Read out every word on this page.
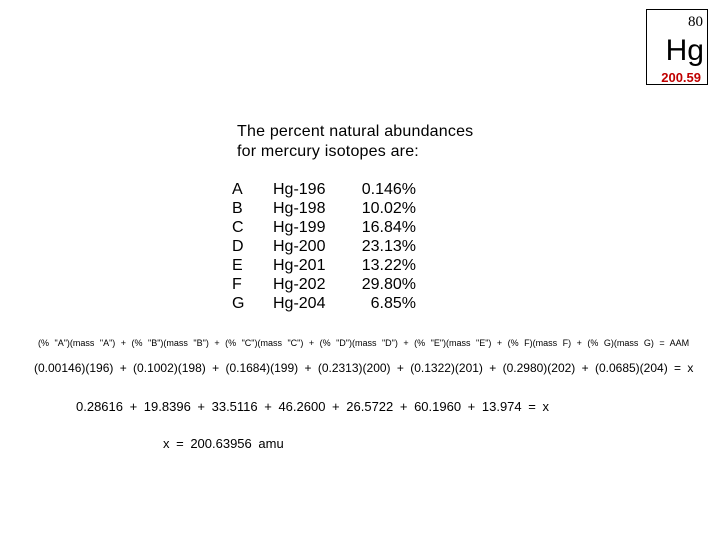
80
Hg
200.59
The percent natural abundances
for mercury isotopes are:
A
B
C
D
E
F
G
Hg-196
Hg-198
Hg-199
Hg-200
Hg-201
Hg-202
Hg-204
0.146%
10.02%
16.84%
23.13%
13.22%
29.80%
6.85%
(% "A")(mass "A") + (% "B")(mass "B") + (% "C")(mass "C") + (% "D")(mass "D") + (% "E")(mass "E") + (% F)(mass F) + (% G)(mass G) = AAM
(0.00146)(196) + (0.1002)(198) + (0.1684)(199) + (0.2313)(200) + (0.1322)(201) + (0.2980)(202) + (0.0685)(204) = x
0.28616 + 19.8396 + 33.5116 + 46.2600 + 26.5722 + 60.1960 + 13.974 = x
x = 200.63956 amu
